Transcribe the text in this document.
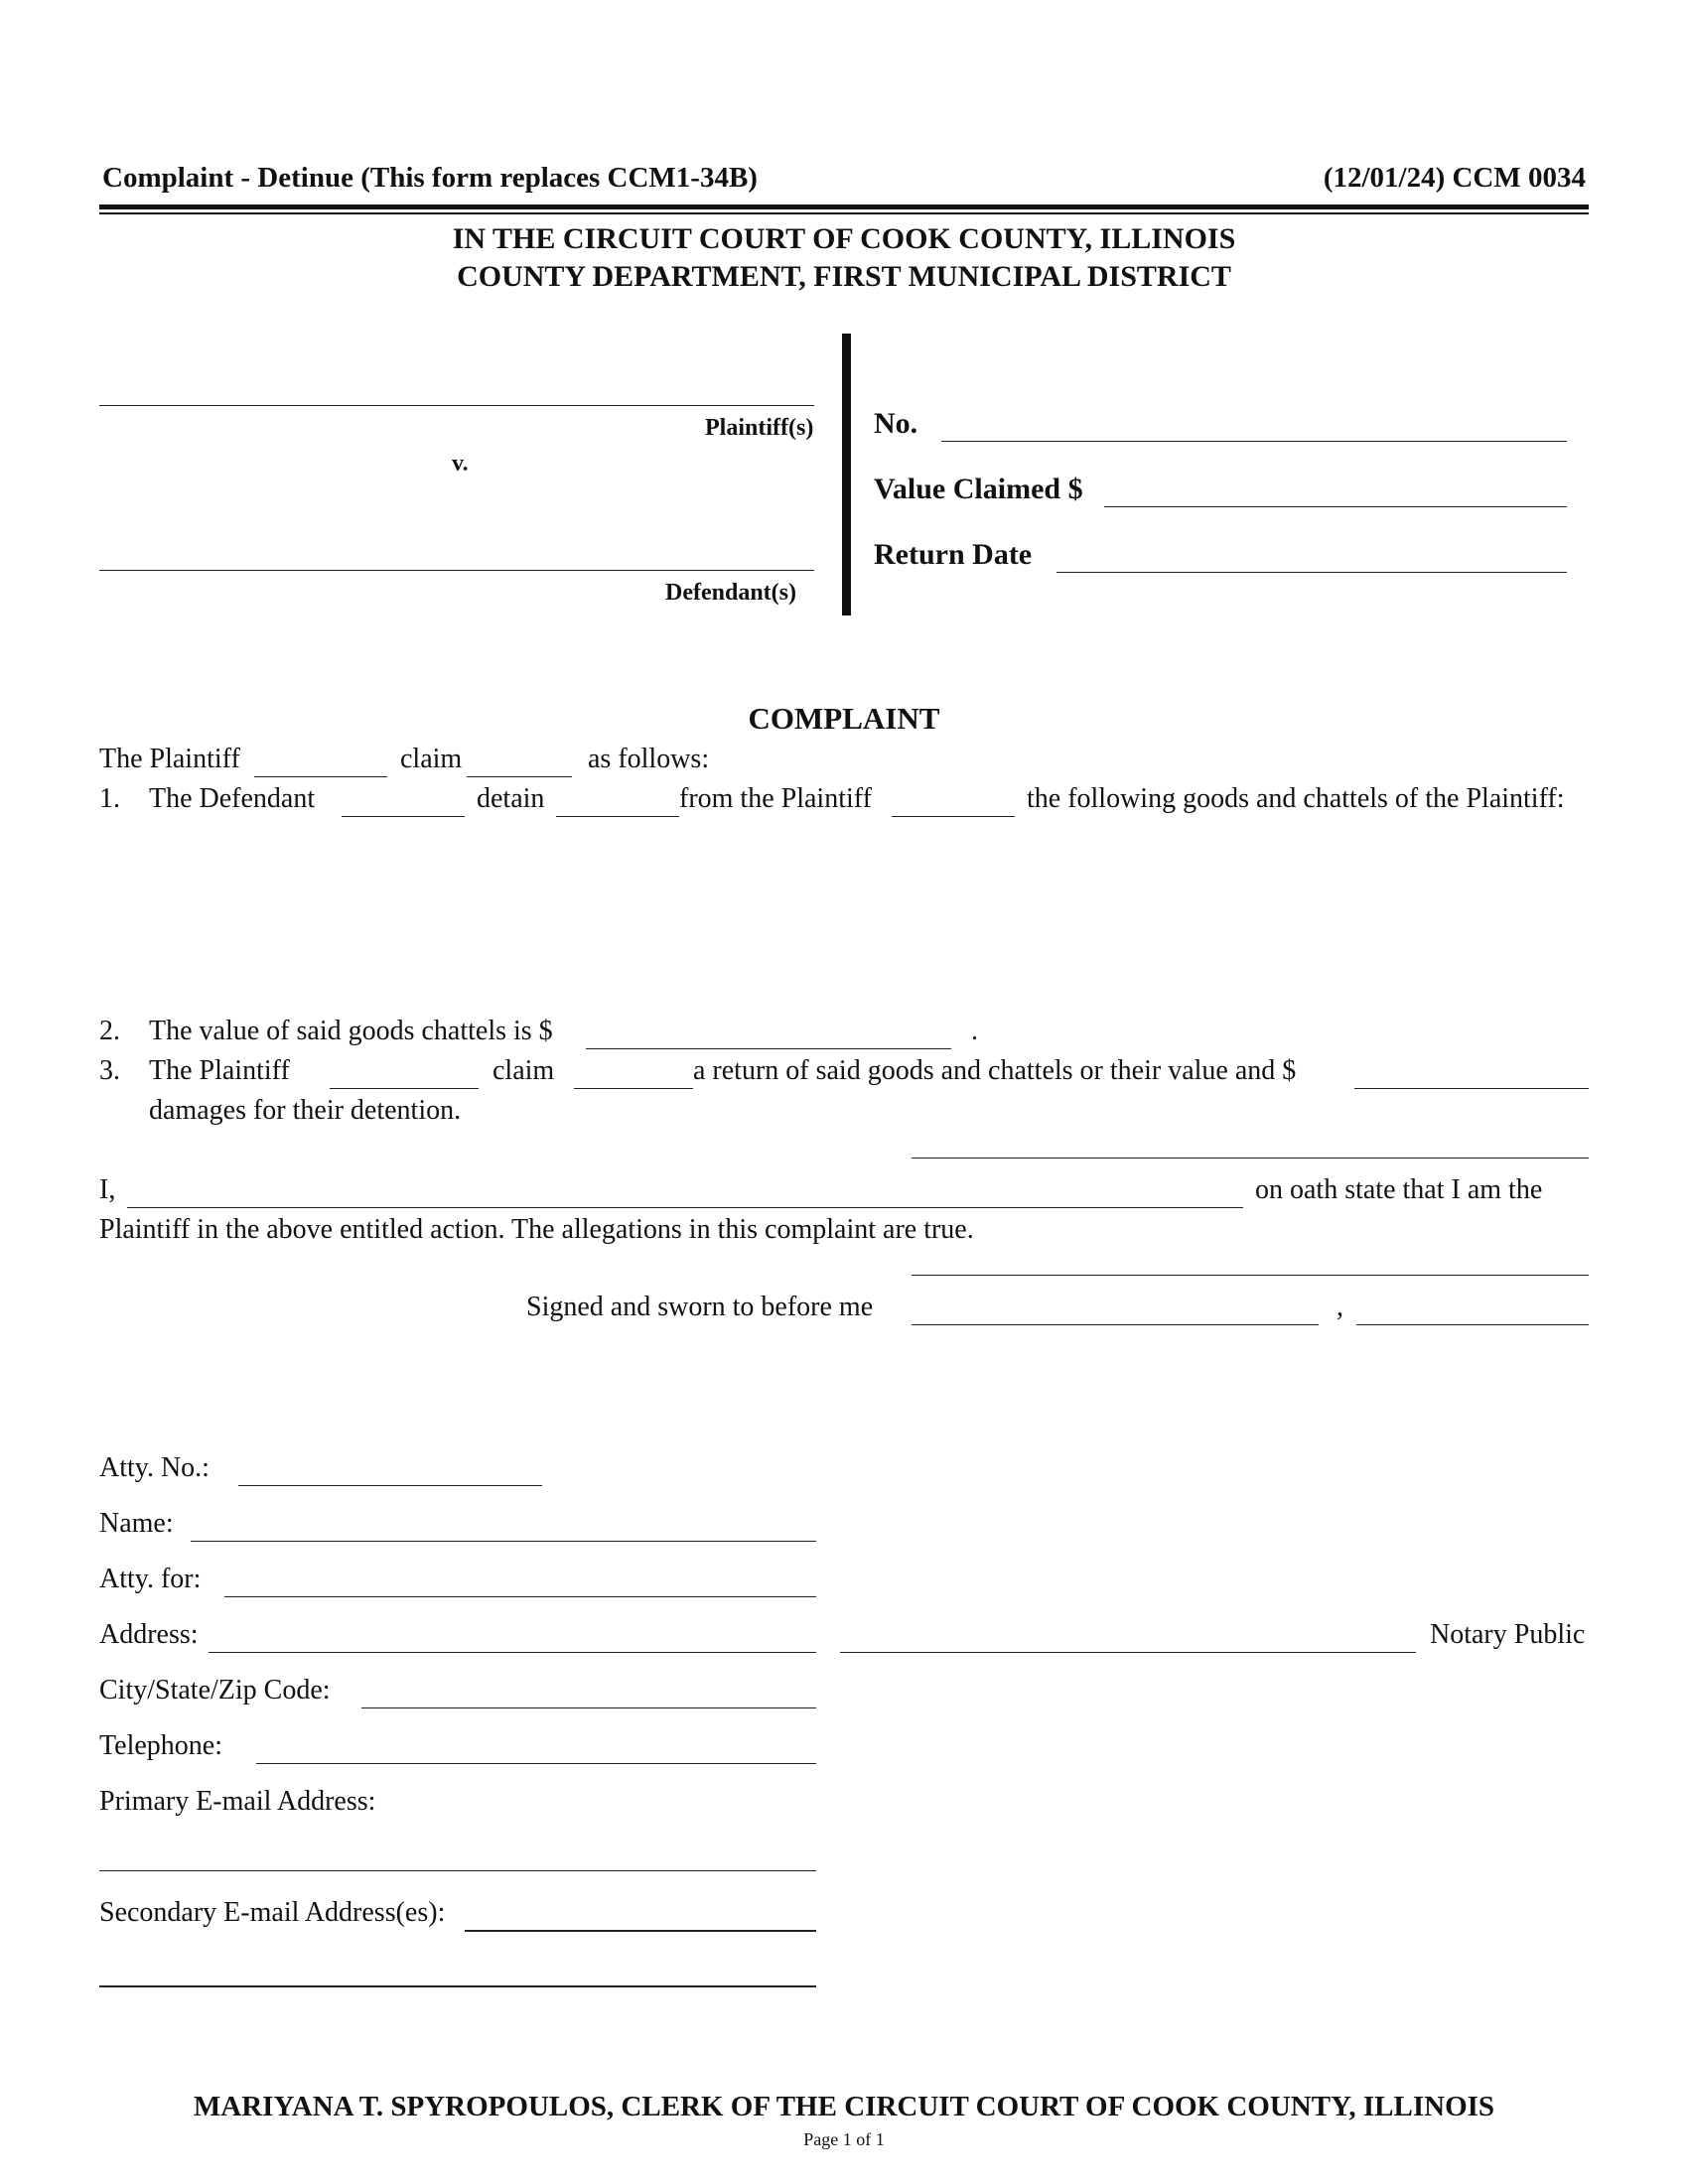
Complaint - Detinue (This form replaces CCM1-34B)	(12/01/24) CCM 0034
IN THE CIRCUIT COURT OF COOK COUNTY, ILLINOIS
COUNTY DEPARTMENT, FIRST MUNICIPAL DISTRICT
Plaintiff(s)
v.
Defendant(s)
No.
Value Claimed $
Return Date
COMPLAINT
The Plaintiff	claim	as follows:
1. The Defendant	detain	from the Plaintiff	the following goods and chattels of the Plaintiff:
2. The value of said goods chattels is $	.
3. The Plaintiff	claim	a return of said goods and chattels or their value and $
damages for their detention.
I,	on oath state that I am the
Plaintiff in the above entitled action. The allegations in this complaint are true.
Signed and sworn to before me	,
Atty. No.:
Name:
Atty. for:
Address:	Notary Public
City/State/Zip Code:
Telephone:
Primary E-mail Address:
Secondary E-mail Address(es):
MARIYANA T. SPYROPOULOS, CLERK OF THE CIRCUIT COURT OF COOK COUNTY, ILLINOIS
Page 1 of 1
